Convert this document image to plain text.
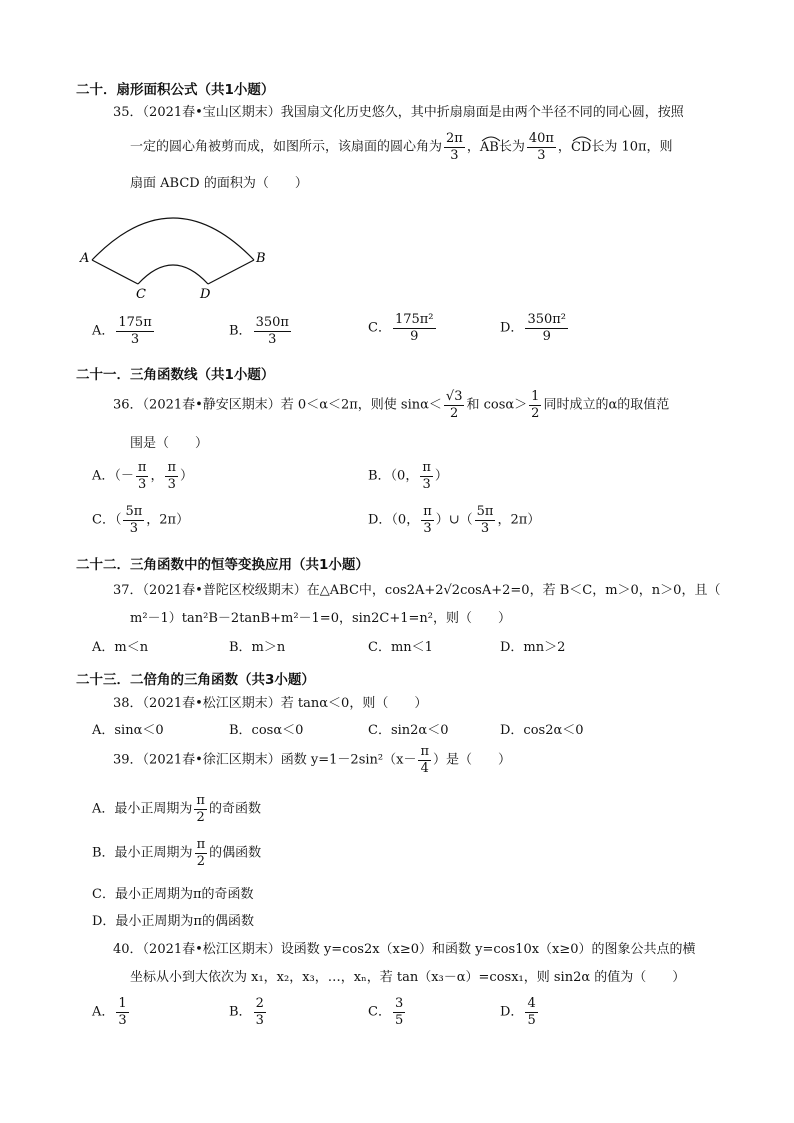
二十．扇形面积公式（共1小题）
35．（2021春•宝山区期末）我国扇文化历史悠久，其中折扇扇面是由两个半径不同的同心圆，按照
一定的圆心角被剪而成，如图所示，该扇面的圆心角为 $\frac{2\pi}{3}$ ，
AB长为 $\frac{40\pi}{3}$ ，
CD长为 10π，则
扇面 ABCD 的面积为（　　）
A	B
C	D
A． $\frac{175\pi}{3}$	B． $\frac{350\pi}{3}$	C． $\frac{\text{175π²}}{9}$	D． $\frac{\text{350π²}}{9}$
二十一．三角函数线（共1小题）
36．（2021春•静安区期末）若 0＜α＜2π，则使 $\sin\alpha< \frac{√3}{2}$ 和 $\cos\alpha> \frac{1}{2}$ 同时成立的α的取值范
围是（　　）
A．（－ $\frac{\pi}{3}$ ， $\frac{\pi}{3}$ ）	B．（0， $\frac{\pi}{3}$ ）
C．（ $\frac{5\pi}{3}$ ，2π）	D．（0， $\frac{\pi}{3}$ ）∪（ $\frac{5\pi}{3}$ ，2π）
二十二．三角函数中的恒等变换应用（共1小题）
37．（2021春•普陀区校级期末）在△ABC中，cos2A+2√2cosA+2=0，若 B＜C，m＞0，n＞0，且（
m²－1）tan²B－2tanB+m²－1=0，sin2C+1=n²，则（　　）
A．m＜n	B．m＞n	C．mn＜1	D．mn＞2
二十三．二倍角的三角函数（共3小题）
38．（2021春•松江区期末）若 tanα＜0，则（　　）
A．sinα＜0	B．cosα＜0	C．sin2α＜0	D．cos2α＜0
39．（2021春•徐汇区期末）函数 $y=1-2\sin^2(x- \frac{\pi}{4}$ ）是（　　）
A．最小正周期为 $\frac{\pi}{2}$ 的奇函数
B．最小正周期为 $\frac{\pi}{2}$ 的偶函数
C．最小正周期为π的奇函数
D．最小正周期为π的偶函数
40．（2021春•松江区期末）设函数 y=cos2x（x≥0）和函数 y=cos10x（x≥0）的图象公共点的横
坐标从小到大依次为 x₁，x₂，x₃，…，xₙ，若 tan（x₃－α）=cosx₁，则 sin2α 的值为（　　）
A． $\frac{1}{3}$	B． $\frac{2}{3}$	C． $\frac{3}{5}$	D． $\frac{4}{5}$
